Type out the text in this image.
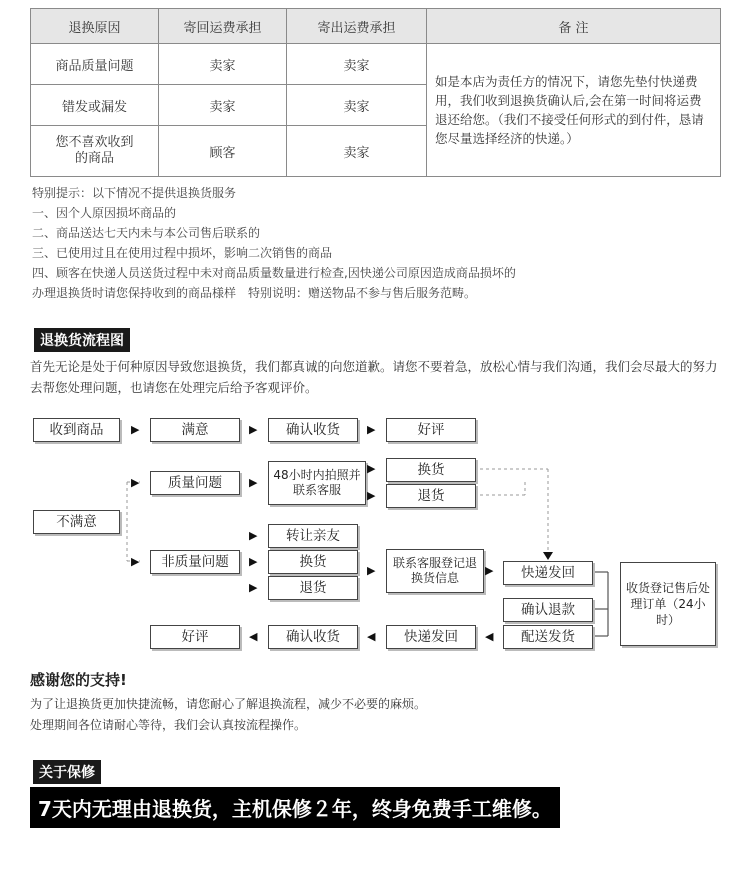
退换原因	寄回运费承担	寄出运费承担	备 注
商品质量问题	卖家	卖家	如是本店为责任方的情况下，请您先垫付快递费用，我们收到退换货确认后,会在第一时间将运费退还给您。（我们不接受任何形式的到付件，恳请您尽量选择经济的快递。）
错发或漏发	卖家	卖家	
您不喜欢收到的商品	顾客	卖家	
特别提示：以下情况不提供退换货服务
一、因个人原因损坏商品的
二、商品送达七天内未与本公司售后联系的
三、已使用过且在使用过程中损坏，影响二次销售的商品
四、顾客在快递人员送货过程中未对商品质量数量进行检查,因快递公司原因造成商品损坏的
办理退换货时请您保持收到的商品様样　特别说明：赠送物品不参与售后服务范畴。
退换货流程图
首先无论是处于何种原因导致您退换货，我们都真诚的向您道歉。请您不要着急，放松心情与我们沟通，我们会尽最大的努力去帮您处理问题，也请您在处理完后给予客观评价。
收到商品	▶	满意	▶	确认收货	▶	好评
不满意
▶	质量问题	▶
48小时内拍照并联系客服
▶
▶
换货
退货
▶	非质量问题
▶
▶
▶
转让亲友
换货
退货
▶
联系客服登记退换货信息
▶	快递发回
收货登记售后处理订单（24小时）
确认退款
好评	◀	确认收货	◀	快递发回	◀	配送发货
感谢您的支持!
为了让退换货更加快捷流畅，请您耐心了解退换流程，减少不必要的麻烦。
处理期间各位请耐心等待，我们会认真按流程操作。
关于保修
7天内无理由退换货，主机保修２年，终身免费手工维修。
